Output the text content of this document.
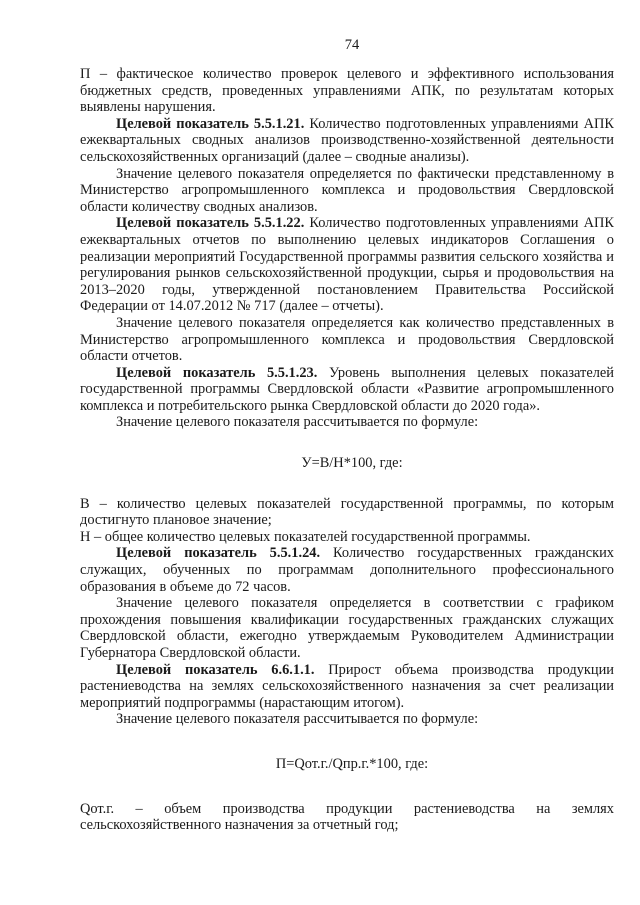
74

П – фактическое количество проверок целевого и эффективного использования бюджетных средств, проведенных управлениями АПК, по результатам которых выявлены нарушения.

Целевой показатель 5.5.1.21. Количество подготовленных управлениями АПК ежеквартальных сводных анализов производственно-хозяйственной деятельности сельскохозяйственных организаций (далее – сводные анализы).

Значение целевого показателя определяется по фактически представленному в Министерство агропромышленного комплекса и продовольствия Свердловской области количеству сводных анализов.

Целевой показатель 5.5.1.22. Количество подготовленных управлениями АПК ежеквартальных отчетов по выполнению целевых индикаторов Соглашения о реализации мероприятий Государственной программы развития сельского хозяйства и регулирования рынков сельскохозяйственной продукции, сырья и продовольствия на 2013–2020 годы, утвержденной постановлением Правительства Российской Федерации от 14.07.2012 № 717 (далее – отчеты).

Значение целевого показателя определяется как количество представленных в Министерство агропромышленного комплекса и продовольствия Свердловской области отчетов.

Целевой показатель 5.5.1.23. Уровень выполнения целевых показателей государственной программы Свердловской области «Развитие агропромышленного комплекса и потребительского рынка Свердловской области до 2020 года».

Значение целевого показателя рассчитывается по формуле:

У=В/Н*100, где:

В – количество целевых показателей государственной программы, по которым достигнуто плановое значение;

Н – общее количество целевых показателей государственной программы.

Целевой показатель 5.5.1.24. Количество государственных гражданских служащих, обученных по программам дополнительного профессионального образования в объеме до 72 часов.

Значение целевого показателя определяется в соответствии с графиком прохождения повышения квалификации государственных гражданских служащих Свердловской области, ежегодно утверждаемым Руководителем Администрации Губернатора Свердловской области.

Целевой показатель 6.6.1.1. Прирост объема производства продукции растениеводства на землях сельскохозяйственного назначения за счет реализации мероприятий подпрограммы (нарастающим итогом).

Значение целевого показателя рассчитывается по формуле:

П=Qот.г./Qпр.г.*100, где:

Qот.г. – объем производства продукции растениеводства на землях сельскохозяйственного назначения за отчетный год;
